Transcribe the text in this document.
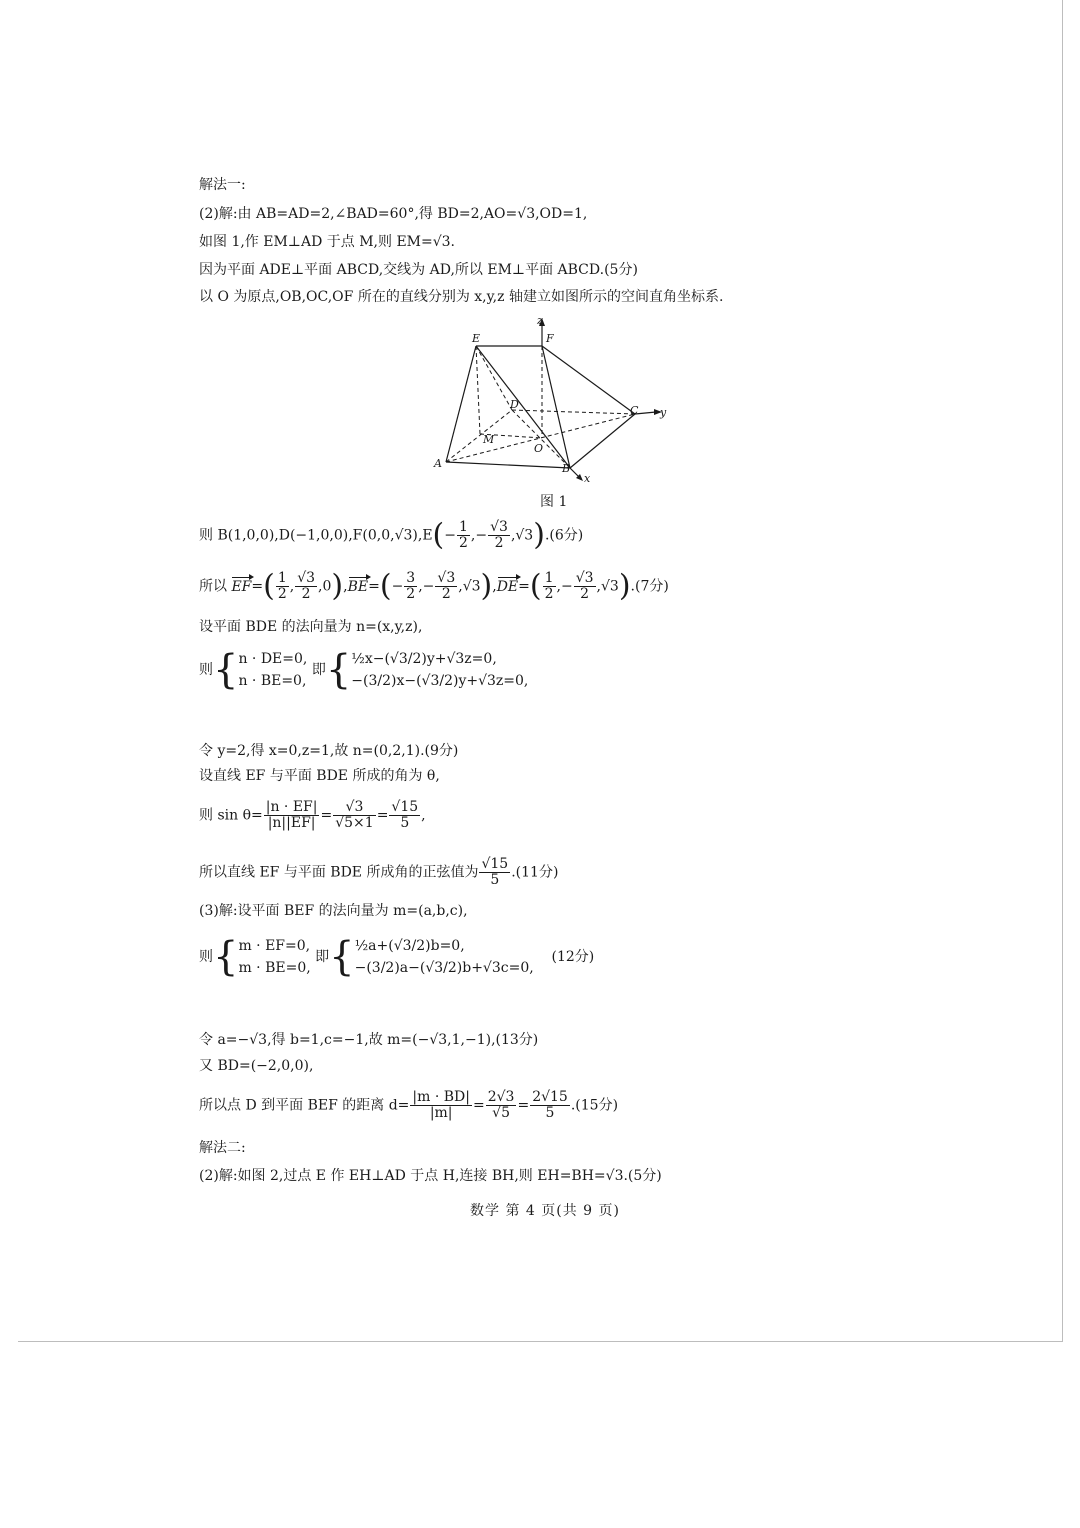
解法一:
(2)解:由 AB=AD=2,∠BAD=60°,得 BD=2,AO=√3,OD=1,
如图 1,作 EM⊥AD 于点 M,则 EM=√3.
因为平面 ADE⊥平面 ABCD,交线为 AD,所以 EM⊥平面 ABCD.(5分)
以 O 为原点,OB,OC,OF 所在的直线分别为 x,y,z 轴建立如图所示的空间直角坐标系.
E	F
D	C
M
O
A	B
x
y
z
图 1
则 $B(1,0,0),D(-1,0,0),F(0,0,√3),E(- \frac{1}{2}$ ,− $\frac{√3}{2} ,√3).(6$分)
所以 $EF=( \frac{1}{2}$ , $\frac{√3}{2} ,0),BE=(- \frac{3}{2}$ ,− $\frac{√3}{2} ,√3),DE=( \frac{1}{2}$ ,− $\frac{√3}{2} ,√3).(7$分)
设平面 BDE 的法向量为 n=(x,y,z),
则{ n · DE=0,
n · BE=0,
即{ ½x−(√3/2)y+√3z=0,
−(3/2)x−(√3/2)y+√3z=0,
令 y=2,得 x=0,z=1,故 n=(0,2,1).(9分)
设直线 EF 与平面 BDE 所成的角为 θ,
则 $\sin \theta= \frac{|n \cdot EF|}{|n||EF|} = \frac{√3}{√5\times 1} = \frac{√15}{5}$ ,
所以直线 EF 与平面 BDE 所成角的正弦值为 $\frac{√15}{5} .(11$分)
(3)解:设平面 BEF 的法向量为 m=(a,b,c),
则{ m · EF=0,
m · BE=0,
即{ ½a+(√3/2)b=0,
−(3/2)a−(√3/2)b+√3c=0,
(12分)
令 a=−√3,得 b=1,c=−1,故 m=(−√3,1,−1),(13分)
又 BD=(−2,0,0),
所以点 D 到平面 BEF 的距离 $d= \frac{|m \cdot BD|}{|m|} = \frac{2√3}{√5} = \frac{2√15}{5} .(15$分)
解法二:
(2)解:如图 2,过点 E 作 EH⊥AD 于点 H,连接 BH,则 EH=BH=√3.(5分)
数学 第 4 页(共 9 页)
